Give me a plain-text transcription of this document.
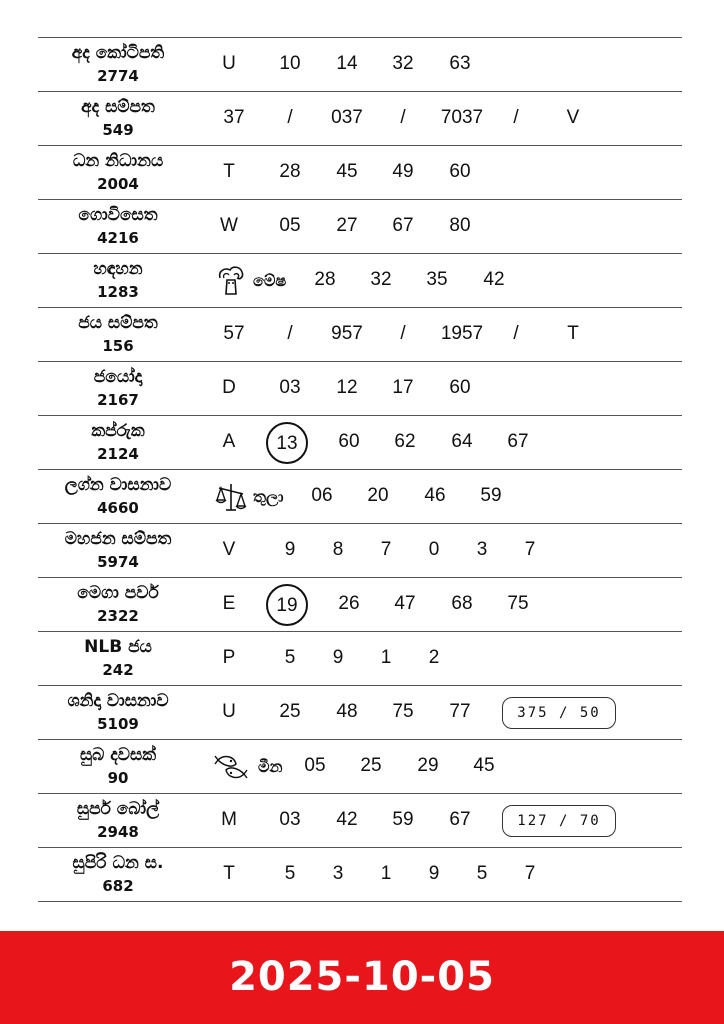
අද කෝටිපති
2774
U 10 14 32 63
අද සම්පත
549
37 / 037 / 7037 /	V
ධන නිධානය
2004
T 28 45 49 60
ගොවිසෙත
4216
W 05 27 67 80
හඳහන
1283
මේෂ 28 32 35 42
ජය සම්පත
156
57 / 957 / 1957 /	T
ජයෝදා
2167
D 03 12 17 60
කප්රුක
2124
A	13	60 62 64 67
ලග්න වාසනාව
4660
තුලා 06 20 46 59
මහජන සම්පත
5974
V	9 8 7 0 3 7
මෙගා පවර්
2322
E	19	26 47 68 75
NLB ජය
242
P	5 9 1 2
ශනිදා වාසනාව
5109
U 25 48 75 77	375 / 50
සුබ දවසක්
90
මීන 05 25 29 45
සුපර් බෝල්
2948
M 03 42 59 67	127 / 70
සුපිරි ධන ස.
682
T	5 3 1 9 5 7
2025-10-05
